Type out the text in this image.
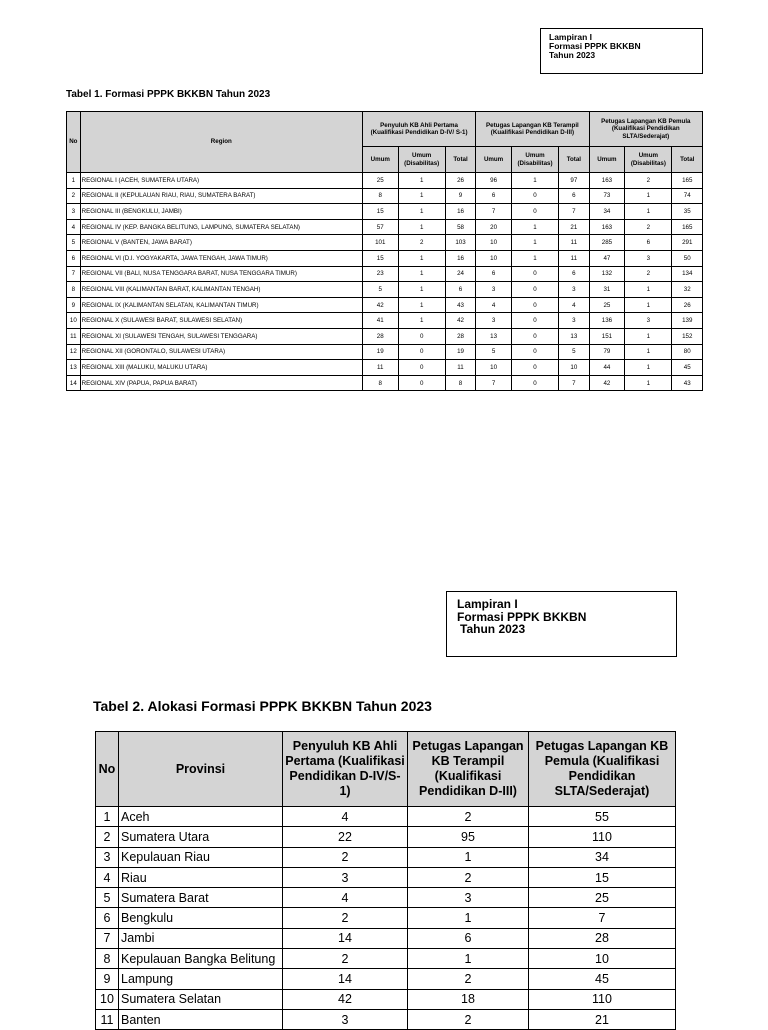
Lampiran I
Formasi PPPK BKKBN
Tahun 2023
Tabel 1. Formasi PPPK BKKBN Tahun 2023
No	Region	Penyuluh KB Ahli Pertama (Kualifikasi Pendidikan D-IV/ S-1)			Petugas Lapangan KB Terampil (Kualifikasi Pendidikan D-III)			Petugas Lapangan KB Pemula (Kualifikasi Pendidikan SLTA/Sederajat)		
		Umum	Umum (Disabilitas)	Total	Umum	Umum (Disabilitas)	Total	Umum	Umum (Disabilitas)	Total
1	REGIONAL I (ACEH, SUMATERA UTARA)	25	1	26	96	1	97	163	2	165
2	REGIONAL II (KEPULAUAN RIAU, RIAU, SUMATERA BARAT)	8	1	9	6	0	6	73	1	74
3	REGIONAL III (BENGKULU, JAMBI)	15	1	16	7	0	7	34	1	35
4	REGIONAL IV (KEP. BANGKA BELITUNG, LAMPUNG, SUMATERA SELATAN)	57	1	58	20	1	21	163	2	165
5	REGIONAL V (BANTEN, JAWA BARAT)	101	2	103	10	1	11	285	6	291
6	REGIONAL VI (D.I. YOGYAKARTA, JAWA TENGAH, JAWA TIMUR)	15	1	16	10	1	11	47	3	50
7	REGIONAL VII (BALI, NUSA TENGGARA BARAT, NUSA TENGGARA TIMUR)	23	1	24	6	0	6	132	2	134
8	REGIONAL VIII (KALIMANTAN BARAT, KALIMANTAN TENGAH)	5	1	6	3	0	3	31	1	32
9	REGIONAL IX (KALIMANTAN SELATAN, KALIMANTAN TIMUR)	42	1	43	4	0	4	25	1	26
10	REGIONAL X (SULAWESI BARAT, SULAWESI SELATAN)	41	1	42	3	0	3	136	3	139
11	REGIONAL XI (SULAWESI TENGAH, SULAWESI TENGGARA)	28	0	28	13	0	13	151	1	152
12	REGIONAL XII (GORONTALO, SULAWESI UTARA)	19	0	19	5	0	5	79	1	80
13	REGIONAL XIII (MALUKU, MALUKU UTARA)	11	0	11	10	0	10	44	1	45
14	REGIONAL XIV (PAPUA, PAPUA BARAT)	8	0	8	7	0	7	42	1	43
Lampiran I
Formasi PPPK BKKBN
Tahun 2023
Tabel 2. Alokasi Formasi PPPK BKKBN Tahun 2023
No	Provinsi	Penyuluh KB Ahli Pertama (Kualifikasi Pendidikan D-IV/S-1)	Petugas Lapangan KB Terampil (Kualifikasi Pendidikan D-III)	Petugas Lapangan KB Pemula (Kualifikasi Pendidikan SLTA/Sederajat)
1	Aceh	4	2	55
2	Sumatera Utara	22	95	110
3	Kepulauan Riau	2	1	34
4	Riau	3	2	15
5	Sumatera Barat	4	3	25
6	Bengkulu	2	1	7
7	Jambi	14	6	28
8	Kepulauan Bangka Belitung	2	1	10
9	Lampung	14	2	45
10	Sumatera Selatan	42	18	110
11	Banten	3	2	21
